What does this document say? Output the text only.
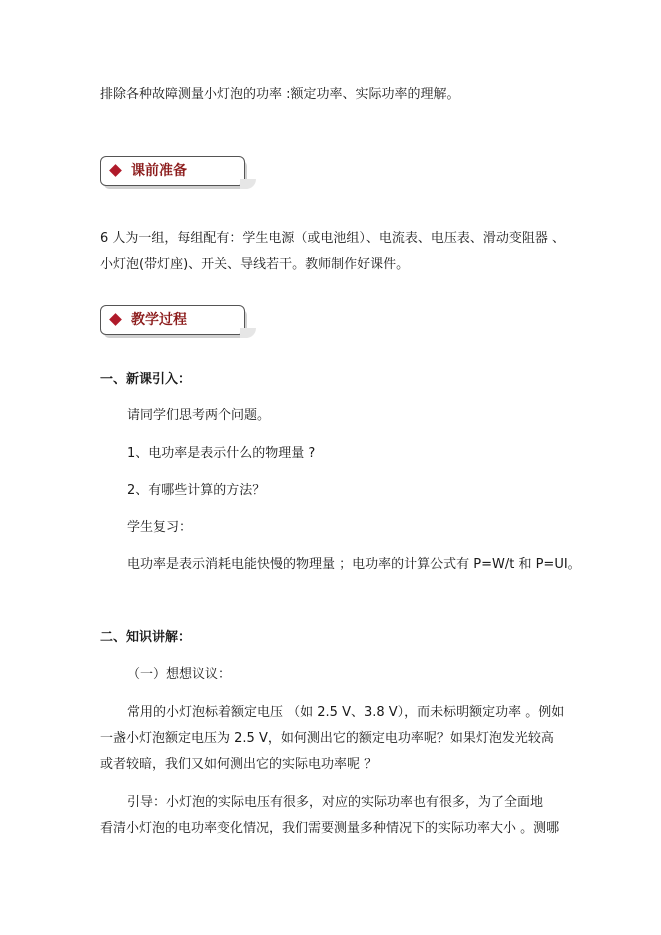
排除各种故障测量小灯泡的功率 :额定功率、实际功率的理解。
课前准备
6 人为一组，每组配有：学生电源（或电池组）、电流表、电压表、滑动变阻器 、
小灯泡(带灯座)、开关、导线若干。教师制作好课件。
教学过程
一、新课引入：
请同学们思考两个问题。
1、电功率是表示什么的物理量 ?
2、有哪些计算的方法？
学生复习：
电功率是表示消耗电能快慢的物理量 ；电功率的计算公式有 P=W/t 和 P=UI。
二、知识讲解：
（一）想想议议：
常用的小灯泡标着额定电压 （如 2.5 V、3.8 V），而未标明额定功率 。例如
一盏小灯泡额定电压为 2.5 V，如何测出它的额定电功率呢？如果灯泡发光较高
或者较暗，我们又如何测出它的实际电功率呢 ？
引导：小灯泡的实际电压有很多，对应的实际功率也有很多，为了全面地
看清小灯泡的电功率变化情况，我们需要测量多种情况下的实际功率大小 。测哪
